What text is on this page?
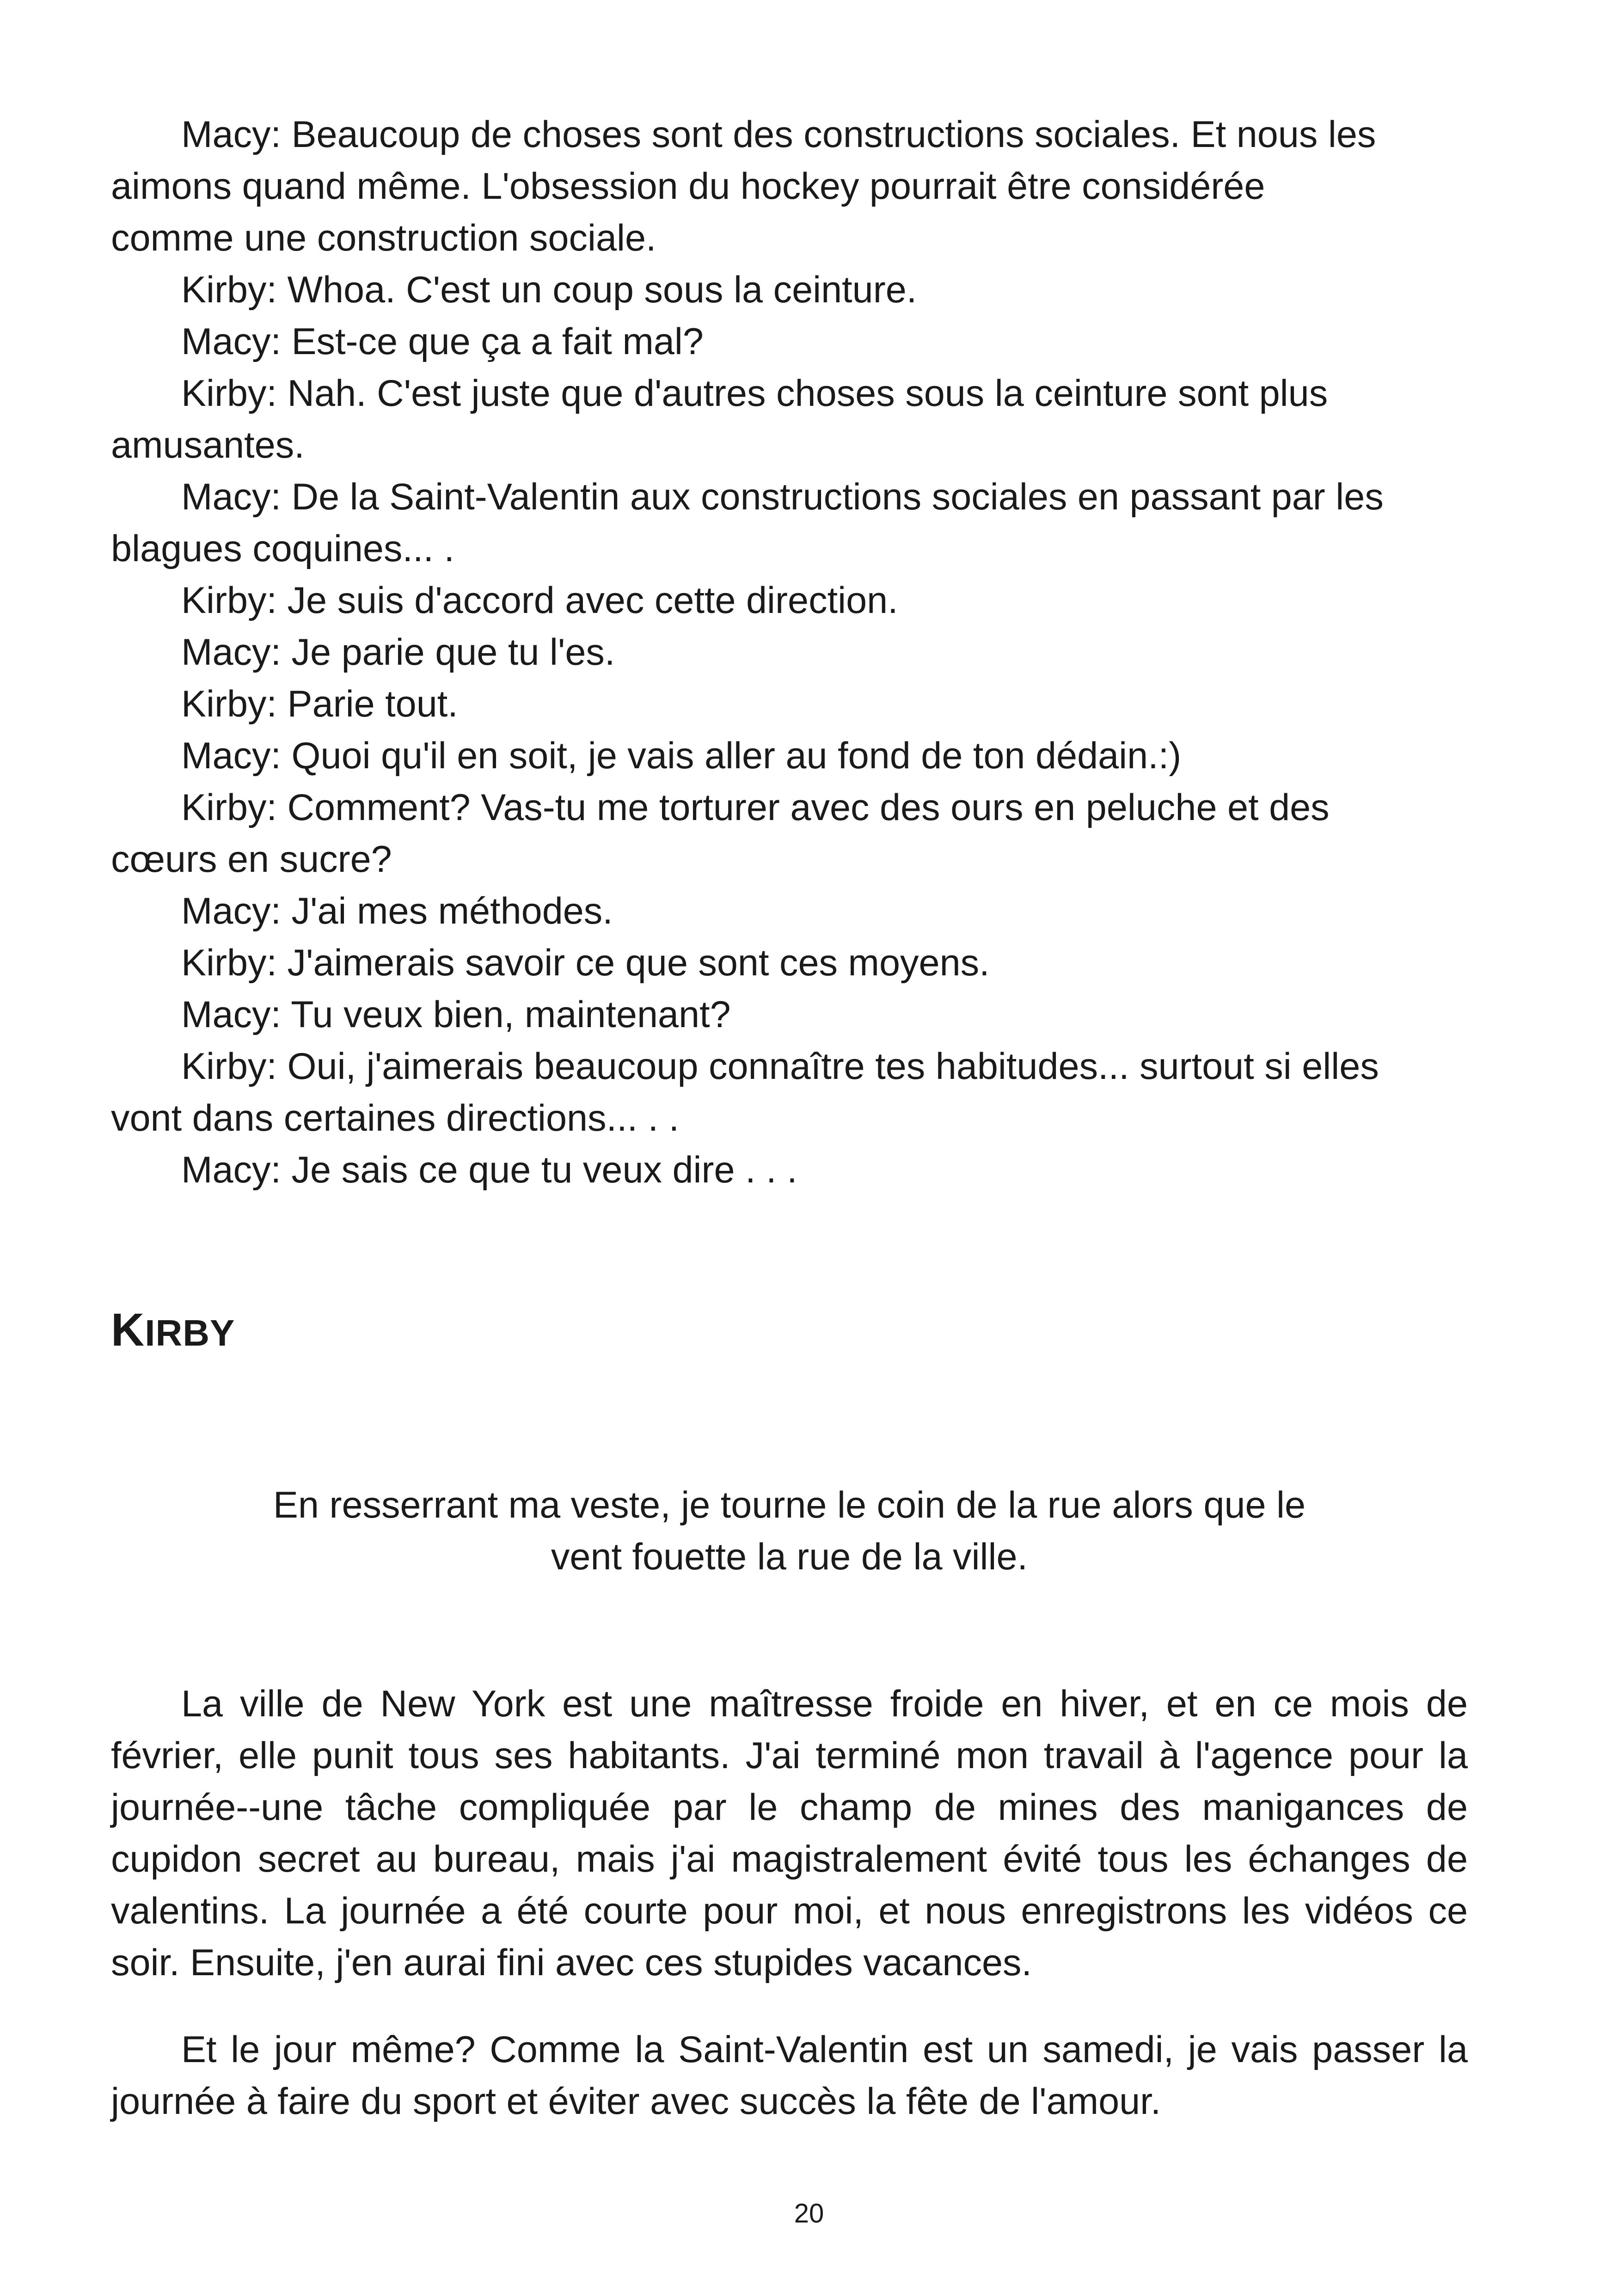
Macy: Beaucoup de choses sont des constructions sociales. Et nous les

aimons quand même. L'obsession du hockey pourrait être considérée

comme une construction sociale.

Kirby: Whoa. C'est un coup sous la ceinture.

Macy: Est-ce que ça a fait mal?

Kirby: Nah. C'est juste que d'autres choses sous la ceinture sont plus

amusantes.

Macy: De la Saint-Valentin aux constructions sociales en passant par les

blagues coquines... .

Kirby: Je suis d'accord avec cette direction.

Macy: Je parie que tu l'es.

Kirby: Parie tout.

Macy: Quoi qu'il en soit, je vais aller au fond de ton dédain.:)

Kirby: Comment? Vas-tu me torturer avec des ours en peluche et des

cœurs en sucre?

Macy: J'ai mes méthodes.

Kirby: J'aimerais savoir ce que sont ces moyens.

Macy: Tu veux bien, maintenant?

Kirby: Oui, j'aimerais beaucoup connaître tes habitudes... surtout si elles

vont dans certaines directions... . .

Macy: Je sais ce que tu veux dire . . .

KIRBY
En resserrant ma veste, je tourne le coin de la rue alors que le
vent fouette la rue de la ville.

La ville de New York est une maîtresse froide en hiver, et en ce mois de février, elle punit tous ses habitants. J'ai terminé mon travail à l'agence pour la journée--une tâche compliquée par le champ de mines des manigances de cupidon secret au bureau, mais j'ai magistralement évité tous les échanges de valentins. La journée a été courte pour moi, et nous enregistrons les vidéos ce soir. Ensuite, j'en aurai fini avec ces stupides vacances.

Et le jour même? Comme la Saint-Valentin est un samedi, je vais passer la journée à faire du sport et éviter avec succès la fête de l'amour.

20
